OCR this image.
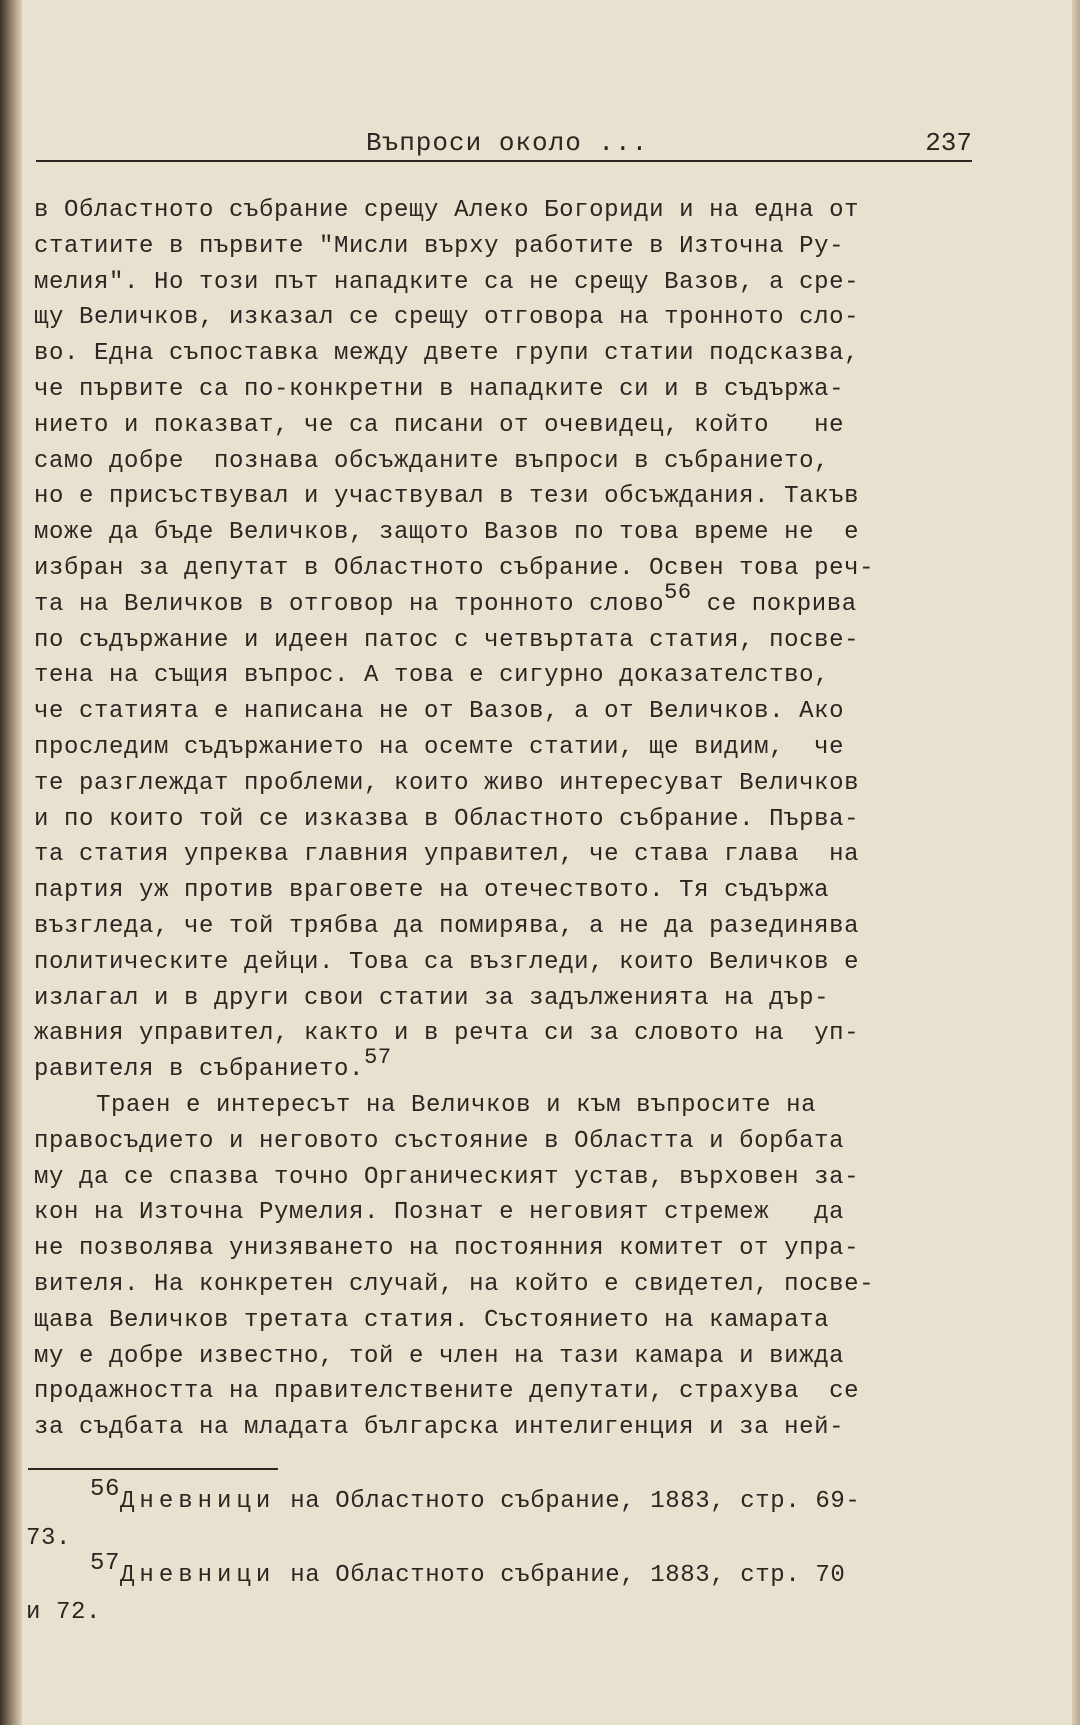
Въпроси около ...	237
в Областното събрание срещу Алеко Богориди и на една от
статиите в първите "Мисли върху работите в Източна Ру-
мелия". Но този път нападките са не срещу Вазов, а сре-
щу Величков, изказал се срещу отговора на тронното сло-
во. Една съпоставка между двете групи статии подсказва,
че първите са по-конкретни в нападките си и в съдържа-
нието и показват, че са писани от очевидец, който   не
само добре  познава обсъжданите въпроси в събранието,
но е присъствувал и участвувал в тези обсъждания. Такъв
може да бъде Величков, защото Вазов по това време не  е
избран за депутат в Областното събрание. Освен това реч-
та на Величков в отговор на тронното слово$^{56}$ се покрива
по съдържание и идеен патос с четвъртата статия, посве-
тена на същия въпрос. А това е сигурно доказателство,
че статията е написана не от Вазов, а от Величков. Ако
проследим съдържанието на осемте статии, ще видим,  че
те разглеждат проблеми, които живо интересуват Величков
и по които той се изказва в Областното събрание. Първа-
та статия упреква главния управител, че става глава  на
партия уж против враговете на отечеството. Тя съдържа
възгледа, че той трябва да помирява, а не да разединява
политическите дейци. Това са възгледи, които Величков е
излагал и в други свои статии за задълженията на дър-
жавния управител, както и в речта си за словото на  уп-
равителя в събранието.$^{57}$
Траен е интересът на Величков и към въпросите на
правосъдието и неговото състояние в Областта и борбата
му да се спазва точно Органическият устав, върховен за-
кон на Източна Румелия. Познат е неговият стремеж   да
не позволява унизяването на постоянния комитет от упра-
вителя. На конкретен случай, на който е свидетел, посве-
щава Величков третата статия. Състоянието на камарата
му е добре известно, той е член на тази камара и вижда
продажността на правителствените депутати, страхува  се
за съдбата на младата българска интелигенция и за ней-
$^{56}$Дневници на Областното събрание, 1883, стр. 69-
73.
$^{57}$Дневници на Областното събрание, 1883, стр. 70
и 72.
